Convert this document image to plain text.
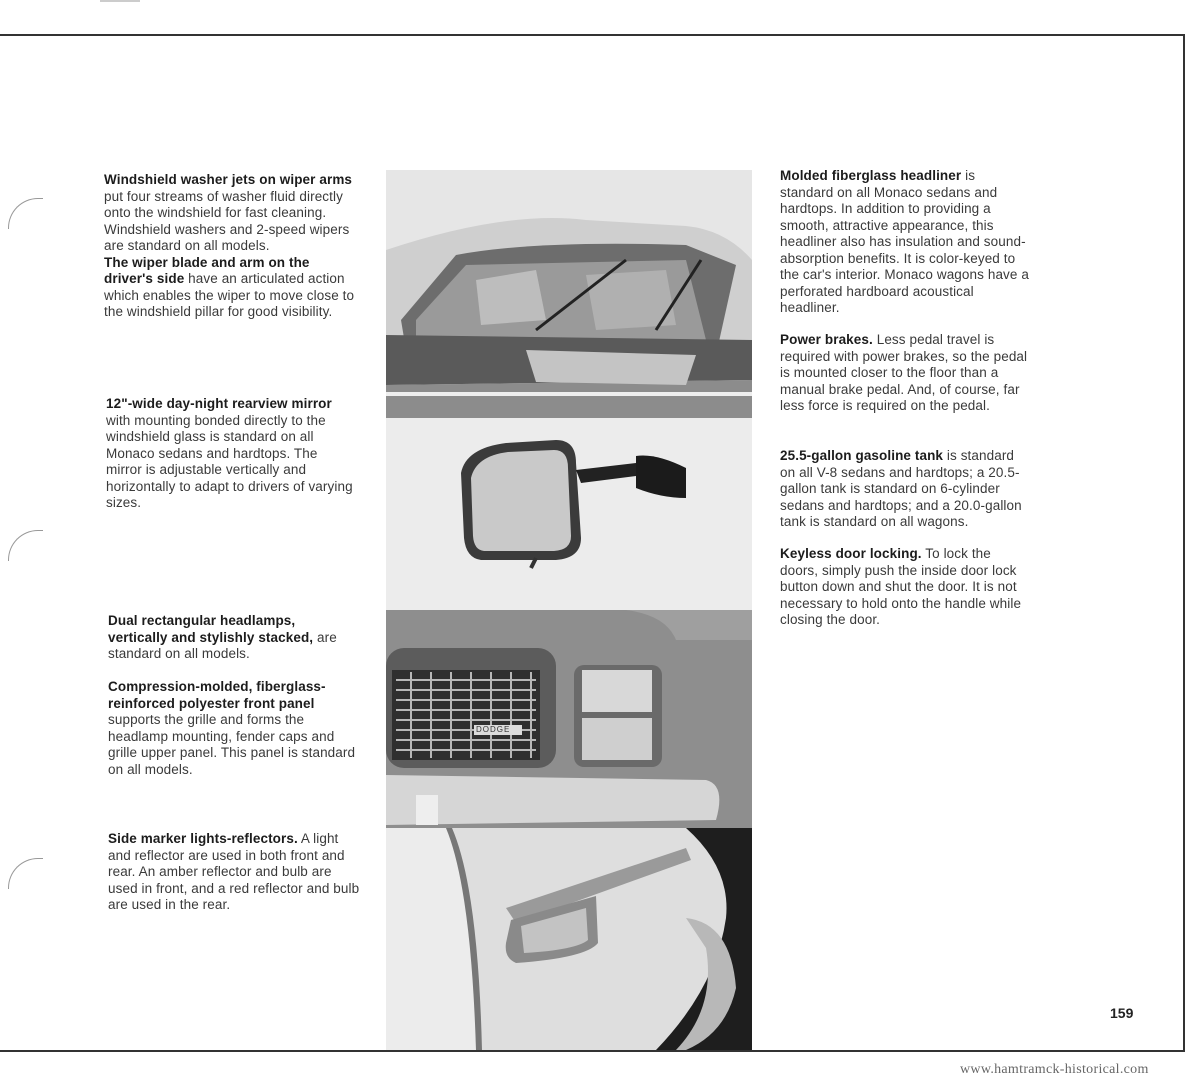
Windshield washer jets on wiper arms put four streams of washer fluid directly onto the windshield for fast cleaning. Windshield washers and 2-speed wipers are standard on all models.

The wiper blade and arm on the driver's side have an articulated action which enables the wiper to move close to the windshield pillar for good visibility.

12"-wide day-night rearview mirror with mounting bonded directly to the windshield glass is standard on all Monaco sedans and hardtops. The mirror is adjustable vertically and horizontally to adapt to drivers of varying sizes.

Dual rectangular headlamps, vertically and stylishly stacked, are standard on all models.

Compression-molded, fiberglass-reinforced polyester front panel supports the grille and forms the headlamp mounting, fender caps and grille upper panel. This panel is standard on all models.

Side marker lights-reflectors. A light and reflector are used in both front and rear. An amber reflector and bulb are used in front, and a red reflector and bulb are used in the rear.

DODGE

Molded fiberglass headliner is standard on all Monaco sedans and hardtops. In addition to providing a smooth, attractive appearance, this headliner also has insulation and sound-absorption benefits. It is color-keyed to the car's interior. Monaco wagons have a perforated hardboard acoustical headliner.

Power brakes. Less pedal travel is required with power brakes, so the pedal is mounted closer to the floor than a manual brake pedal. And, of course, far less force is required on the pedal.

25.5-gallon gasoline tank is standard on all V-8 sedans and hardtops; a 20.5-gallon tank is standard on 6-cylinder sedans and hardtops; and a 20.0-gallon tank is standard on all wagons.

Keyless door locking. To lock the doors, simply push the inside door lock button down and shut the door. It is not necessary to hold onto the handle while closing the door.

159
www.hamtramck-historical.com
